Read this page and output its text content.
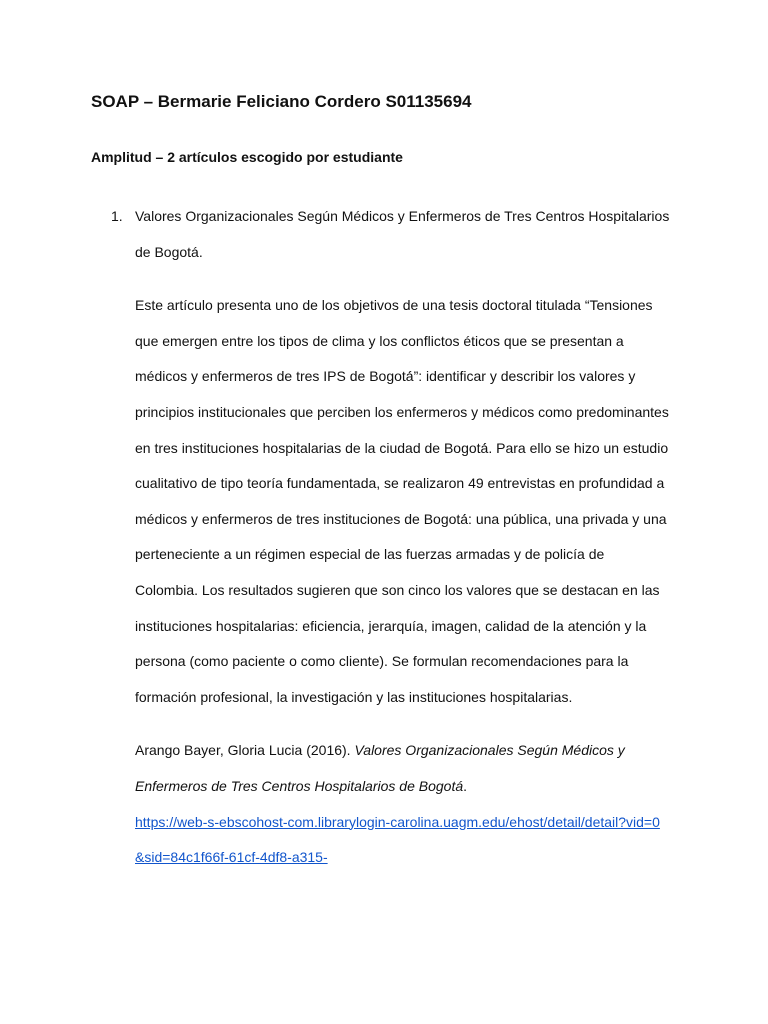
SOAP – Bermarie Feliciano Cordero S01135694
Amplitud – 2 artículos escogido por estudiante
1. Valores Organizacionales Según Médicos y Enfermeros de Tres Centros Hospitalarios de Bogotá.

Este artículo presenta uno de los objetivos de una tesis doctoral titulada “Tensiones que emergen entre los tipos de clima y los conflictos éticos que se presentan a médicos y enfermeros de tres IPS de Bogotá́”: identificar y describir los valores y principios institucionales que perciben los enfermeros y médicos como predominantes en tres instituciones hospitalarias de la ciudad de Bogotá́. Para ello se hizo un estudio cualitativo de tipo teoría fundamentada, se realizaron 49 entrevistas en profundidad a médicos y enfermeros de tres instituciones de Bogotá́: una pública, una privada y una perteneciente a un régimen especial de las fuerzas armadas y de policía de Colombia. Los resultados sugieren que son cinco los valores que se destacan en las instituciones hospitalarias: eficiencia, jerarquía, imagen, calidad de la atención y la persona (como paciente o como cliente). Se formulan recomendaciones para la formación profesional, la investigación y las instituciones hospitalarias.

Arango Bayer, Gloria Lucia (2016). Valores Organizacionales Según Médicos y Enfermeros de Tres Centros Hospitalarios de Bogotá.
https://web-s-ebscohost-com.librarylogin-carolina.uagm.edu/ehost/detail/detail?vid=0&sid=84c1f66f-61cf-4df8-a315-
